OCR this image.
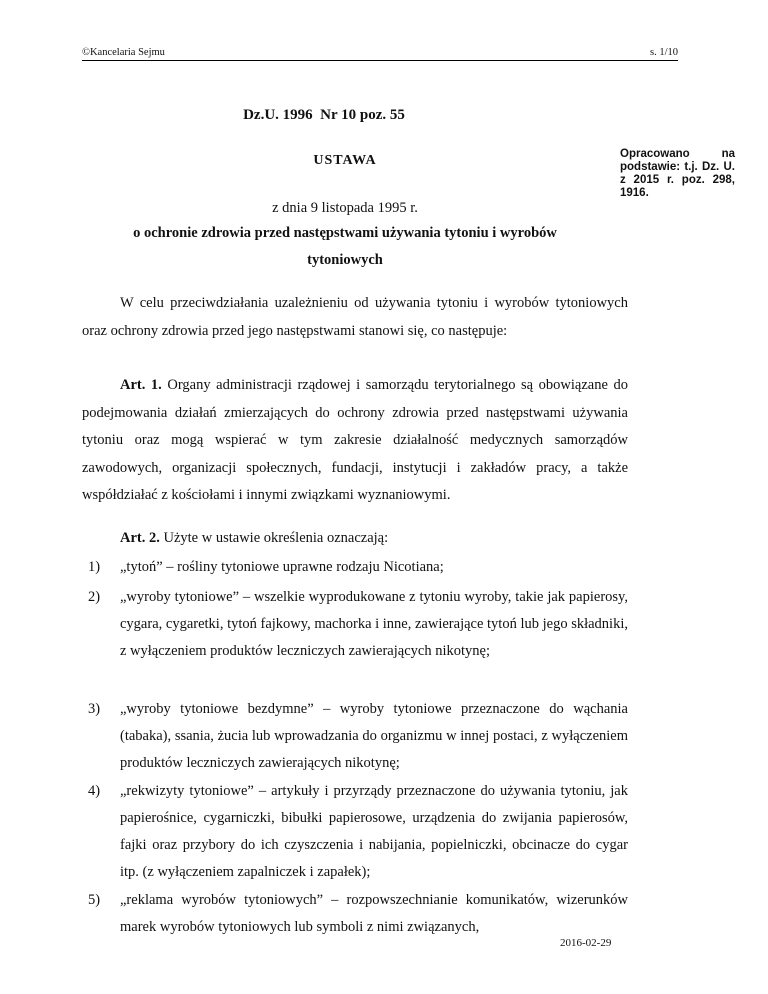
©Kancelaria Sejmu	s. 1/10
Dz.U. 1996  Nr 10 poz. 55
USTAWA
z dnia 9 listopada 1995 r.
Opracowano na podstawie: t.j. Dz. U. z 2015 r. poz. 298, 1916.
o ochronie zdrowia przed następstwami używania tytoniu i wyrobów tytoniowych
W celu przeciwdziałania uzależnieniu od używania tytoniu i wyrobów tytoniowych oraz ochrony zdrowia przed jego następstwami stanowi się, co następuje:
Art. 1. Organy administracji rządowej i samorządu terytorialnego są obowiązane do podejmowania działań zmierzających do ochrony zdrowia przed następstwami używania tytoniu oraz mogą wspierać w tym zakresie działalność medycznych samorządów zawodowych, organizacji społecznych, fundacji, instytucji i zakładów pracy, a także współdziałać z kościołami i innymi związkami wyznaniowymi.
Art. 2. Użyte w ustawie określenia oznaczają:
1) „tytoń” – rośliny tytoniowe uprawne rodzaju Nicotiana;
2) „wyroby tytoniowe” – wszelkie wyprodukowane z tytoniu wyroby, takie jak papierosy, cygara, cygaretki, tytoń fajkowy, machorka i inne, zawierające tytoń lub jego składniki, z wyłączeniem produktów leczniczych zawierających nikotynę;
3) „wyroby tytoniowe bezdymne” – wyroby tytoniowe przeznaczone do wąchania (tabaka), ssania, żucia lub wprowadzania do organizmu w innej postaci, z wyłączeniem produktów leczniczych zawierających nikotynę;
4) „rekwizyty tytoniowe” – artykuły i przyrządy przeznaczone do używania tytoniu, jak papierośnice, cygarniczki, bibułki papierosowe, urządzenia do zwijania papierosów, fajki oraz przybory do ich czyszczenia i nabijania, popielniczki, obcinacze do cygar itp. (z wyłączeniem zapalniczek i zapałek);
5) „reklama wyrobów tytoniowych” – rozpowszechnianie komunikatów, wizerunków marek wyrobów tytoniowych lub symboli z nimi związanych,
2016-02-29
